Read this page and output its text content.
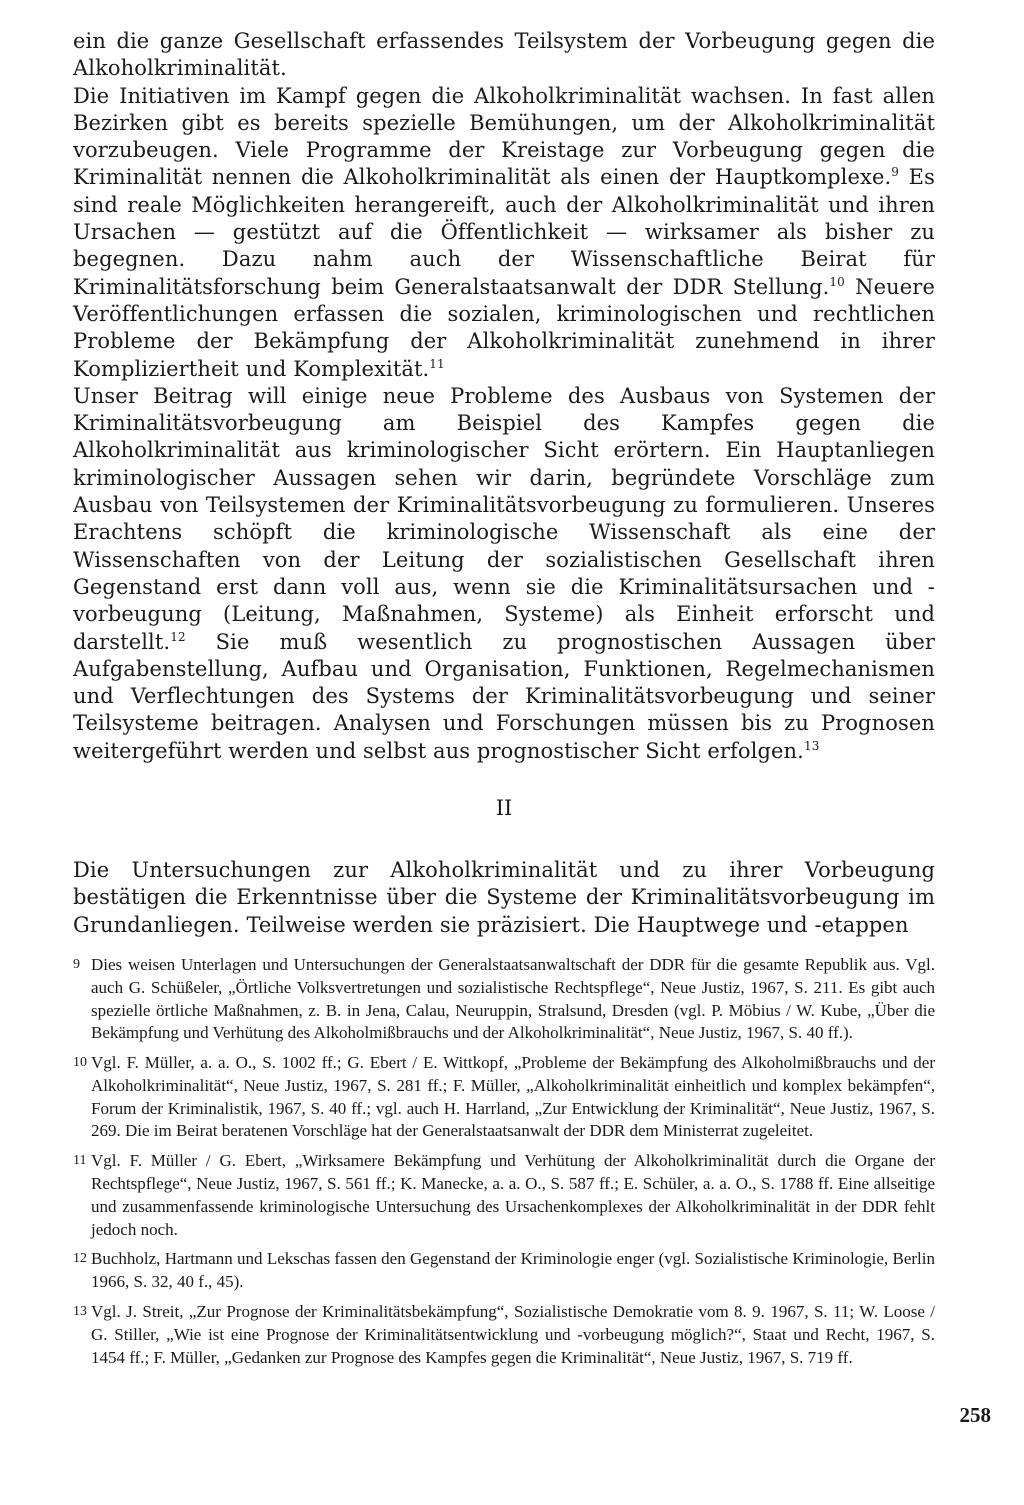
ein die ganze Gesellschaft erfassendes Teilsystem der Vorbeugung gegen die Alkoholkriminalität.

Die Initiativen im Kampf gegen die Alkoholkriminalität wachsen. In fast allen Bezirken gibt es bereits spezielle Bemühungen, um der Alkoholkriminalität vorzubeugen. Viele Programme der Kreistage zur Vorbeugung gegen die Kriminalität nennen die Alkoholkriminalität als einen der Hauptkomplexe.$^9$ Es sind reale Möglichkeiten herangereift, auch der Alkoholkriminalität und ihren Ursachen — gestützt auf die Öffentlichkeit — wirksamer als bisher zu begegnen. Dazu nahm auch der Wissenschaftliche Beirat für Kriminalitätsforschung beim Generalstaatsanwalt der DDR Stellung.$^{10}$ Neuere Veröffentlichungen erfassen die sozialen, kriminologischen und rechtlichen Probleme der Bekämpfung der Alkoholkriminalität zunehmend in ihrer Kompliziertheit und Komplexität.$^{11}$

Unser Beitrag will einige neue Probleme des Ausbaus von Systemen der Kriminalitätsvorbeugung am Beispiel des Kampfes gegen die Alkoholkriminalität aus kriminologischer Sicht erörtern. Ein Hauptanliegen kriminologischer Aussagen sehen wir darin, begründete Vorschläge zum Ausbau von Teilsystemen der Kriminalitätsvorbeugung zu formulieren. Unseres Erachtens schöpft die kriminologische Wissenschaft als eine der Wissenschaften von der Leitung der sozialistischen Gesellschaft ihren Gegenstand erst dann voll aus, wenn sie die Kriminalitätsursachen und -vorbeugung (Leitung, Maßnahmen, Systeme) als Einheit erforscht und darstellt.$^{12}$ Sie muß wesentlich zu prognostischen Aussagen über Aufgabenstellung, Aufbau und Organisation, Funktionen, Regelmechanismen und Verflechtungen des Systems der Kriminalitätsvorbeugung und seiner Teilsysteme beitragen. Analysen und Forschungen müssen bis zu Prognosen weitergeführt werden und selbst aus prognostischer Sicht erfolgen.$^{13}$

II

Die Untersuchungen zur Alkoholkriminalität und zu ihrer Vorbeugung bestätigen die Erkenntnisse über die Systeme der Kriminalitätsvorbeugung im Grundanliegen. Teilweise werden sie präzisiert. Die Hauptwege und -etappen

9 Dies weisen Unterlagen und Untersuchungen der Generalstaatsanwaltschaft der DDR für die gesamte Republik aus. Vgl. auch G. Schüßeler, „Örtliche Volksvertretungen und sozialistische Rechtspflege“, Neue Justiz, 1967, S. 211. Es gibt auch spezielle örtliche Maßnahmen, z. B. in Jena, Calau, Neuruppin, Stralsund, Dresden (vgl. P. Möbius / W. Kube, „Über die Bekämpfung und Verhütung des Alkoholmißbrauchs und der Alkoholkriminalität“, Neue Justiz, 1967, S. 40 ff.).
10 Vgl. F. Müller, a. a. O., S. 1002 ff.; G. Ebert / E. Wittkopf, „Probleme der Bekämpfung des Alkoholmißbrauchs und der Alkoholkriminalität“, Neue Justiz, 1967, S. 281 ff.; F. Müller, „Alkoholkriminalität einheitlich und komplex bekämpfen“, Forum der Kriminalistik, 1967, S. 40 ff.; vgl. auch H. Harrland, „Zur Entwicklung der Kriminalität“, Neue Justiz, 1967, S. 269. Die im Beirat beratenen Vorschläge hat der Generalstaatsanwalt der DDR dem Ministerrat zugeleitet.
11 Vgl. F. Müller / G. Ebert, „Wirksamere Bekämpfung und Verhütung der Alkoholkriminalität durch die Organe der Rechtspflege“, Neue Justiz, 1967, S. 561 ff.; K. Manecke, a. a. O., S. 587 ff.; E. Schüler, a. a. O., S. 1788 ff. Eine allseitige und zusammenfassende kriminologische Untersuchung des Ursachenkomplexes der Alkoholkriminalität in der DDR fehlt jedoch noch.
12 Buchholz, Hartmann und Lekschas fassen den Gegenstand der Kriminologie enger (vgl. Sozialistische Kriminologie, Berlin 1966, S. 32, 40 f., 45).
13 Vgl. J. Streit, „Zur Prognose der Kriminalitätsbekämpfung“, Sozialistische Demokratie vom 8. 9. 1967, S. 11; W. Loose / G. Stiller, „Wie ist eine Prognose der Kriminalitätsentwicklung und -vorbeugung möglich?“, Staat und Recht, 1967, S. 1454 ff.; F. Müller, „Gedanken zur Prognose des Kampfes gegen die Kriminalität“, Neue Justiz, 1967, S. 719 ff.
258
